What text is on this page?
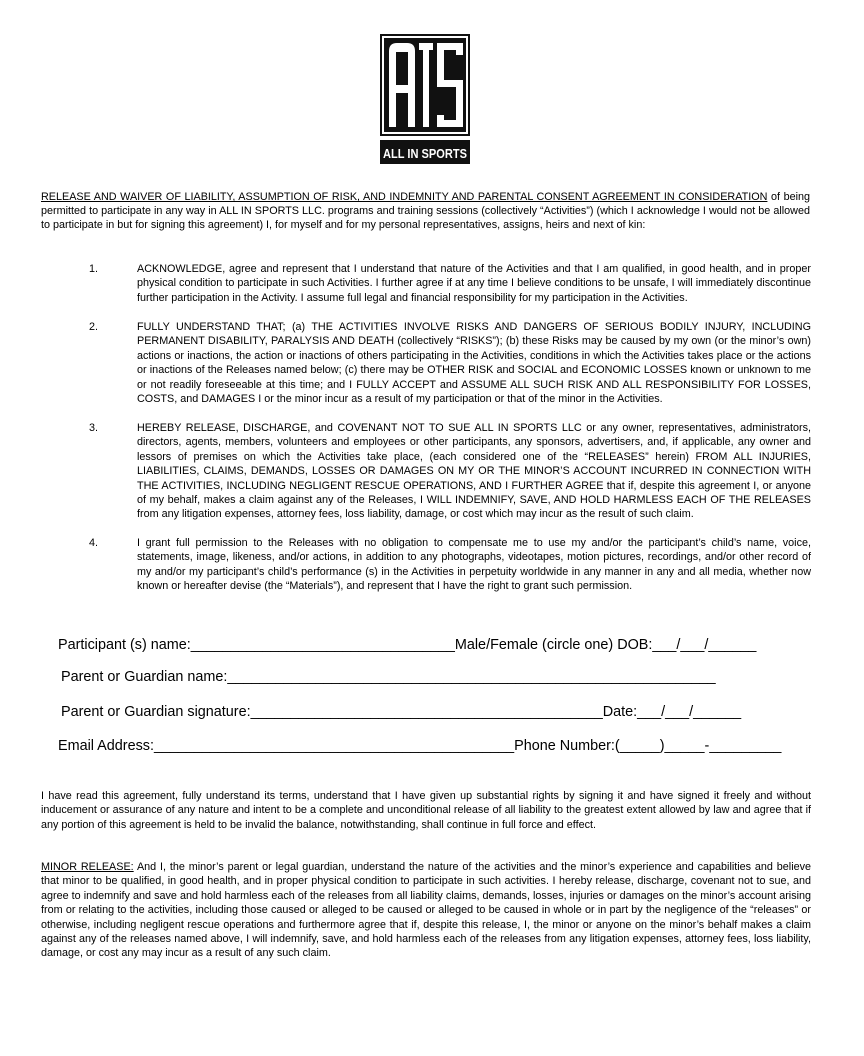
ALL IN SPORTS
RELEASE AND WAIVER OF LIABILITY, ASSUMPTION OF RISK, AND INDEMNITY AND PARENTAL CONSENT AGREEMENT IN CONSIDERATION of being permitted to participate in any way in ALL IN SPORTS LLC. programs and training sessions (collectively “Activities”) (which I acknowledge I would not be allowed to participate in but for signing this agreement) I, for myself and for my personal representatives, assigns, heirs and next of kin:
1.	ACKNOWLEDGE, agree and represent that I understand that nature of the Activities and that I am qualified, in good health, and in proper physical condition to participate in such Activities. I further agree if at any time I believe conditions to be unsafe, I will immediately discontinue further participation in the Activity. I assume full legal and financial responsibility for my participation in the Activities.
2.	FULLY UNDERSTAND THAT; (a) THE ACTIVITIES INVOLVE RISKS AND DANGERS OF SERIOUS BODILY INJURY, INCLUDING PERMANENT DISABILITY, PARALYSIS AND DEATH (collectively “RISKS”); (b) these Risks may be caused by my own (or the minor’s own) actions or inactions, the action or inactions of others participating in the Activities, conditions in which the Activities takes place or the actions or inactions of the Releases named below; (c) there may be OTHER RISK and SOCIAL and ECONOMIC LOSSES known or unknown to me or not readily foreseeable at this time; and I FULLY ACCEPT and ASSUME ALL SUCH RISK AND ALL RESPONSIBILITY FOR LOSSES, COSTS, and DAMAGES I or the minor incur as a result of my participation or that of the minor in the Activities.
3.	HEREBY RELEASE, DISCHARGE, and COVENANT NOT TO SUE ALL IN SPORTS LLC or any owner, representatives, administrators, directors, agents, members, volunteers and employees or other participants, any sponsors, advertisers, and, if applicable, any owner and lessors of premises on which the Activities take place, (each considered one of the “RELEASES” herein) FROM ALL INJURIES, LIABILITIES, CLAIMS, DEMANDS, LOSSES OR DAMAGES ON MY OR THE MINOR’S ACCOUNT INCURRED IN CONNECTION WITH THE ACTIVITIES, INCLUDING NEGLIGENT RESCUE OPERATIONS, AND I FURTHER AGREE that if, despite this agreement I, or anyone of my behalf, makes a claim against any of the Releases, I WILL INDEMNIFY, SAVE, AND HOLD HARMLESS EACH OF THE RELEASES from any litigation expenses, attorney fees, loss liability, damage, or cost which may incur as the result of such claim.
4.	I grant full permission to the Releases with no obligation to compensate me to use my and/or the participant’s child’s name, voice, statements, image, likeness, and/or actions, in addition to any photographs, videotapes, motion pictures, recordings, and/or other record of my and/or my participant’s child’s performance (s) in the Activities in perpetuity worldwide in any manner in any and all media, whether now known or hereafter devise (the “Materials”), and represent that I have the right to grant such permission.
Participant (s) name:_________________________________Male/Female (circle one) DOB:___/___/______
Parent or Guardian name:_____________________________________________________________
Parent or Guardian signature:____________________________________________Date:___/___/______
Email Address:_____________________________________________Phone Number:(_____)_____-_________
I have read this agreement, fully understand its terms, understand that I have given up substantial rights by signing it and have signed it freely and without inducement or assurance of any nature and intent to be a complete and unconditional release of all liability to the greatest extent allowed by law and agree that if any portion of this agreement is held to be invalid the balance, notwithstanding, shall continue in full force and effect.
MINOR RELEASE: And I, the minor’s parent or legal guardian, understand the nature of the activities and the minor’s experience and capabilities and believe that minor to be qualified, in good health, and in proper physical condition to participate in such activities. I hereby release, discharge, covenant not to sue, and agree to indemnify and save and hold harmless each of the releases from all liability claims, demands, losses, injuries or damages on the minor’s account arising from or relating to the activities, including those caused or alleged to be caused or alleged to be caused in whole or in part by the negligence of the “releases” or otherwise, including negligent rescue operations and furthermore agree that if, despite this release, I, the minor or anyone on the minor’s behalf makes a claim against any of the releases named above, I will indemnify, save, and hold harmless each of the releases from any litigation expenses, attorney fees, loss liability, damage, or cost any may incur as a result of any such claim.
